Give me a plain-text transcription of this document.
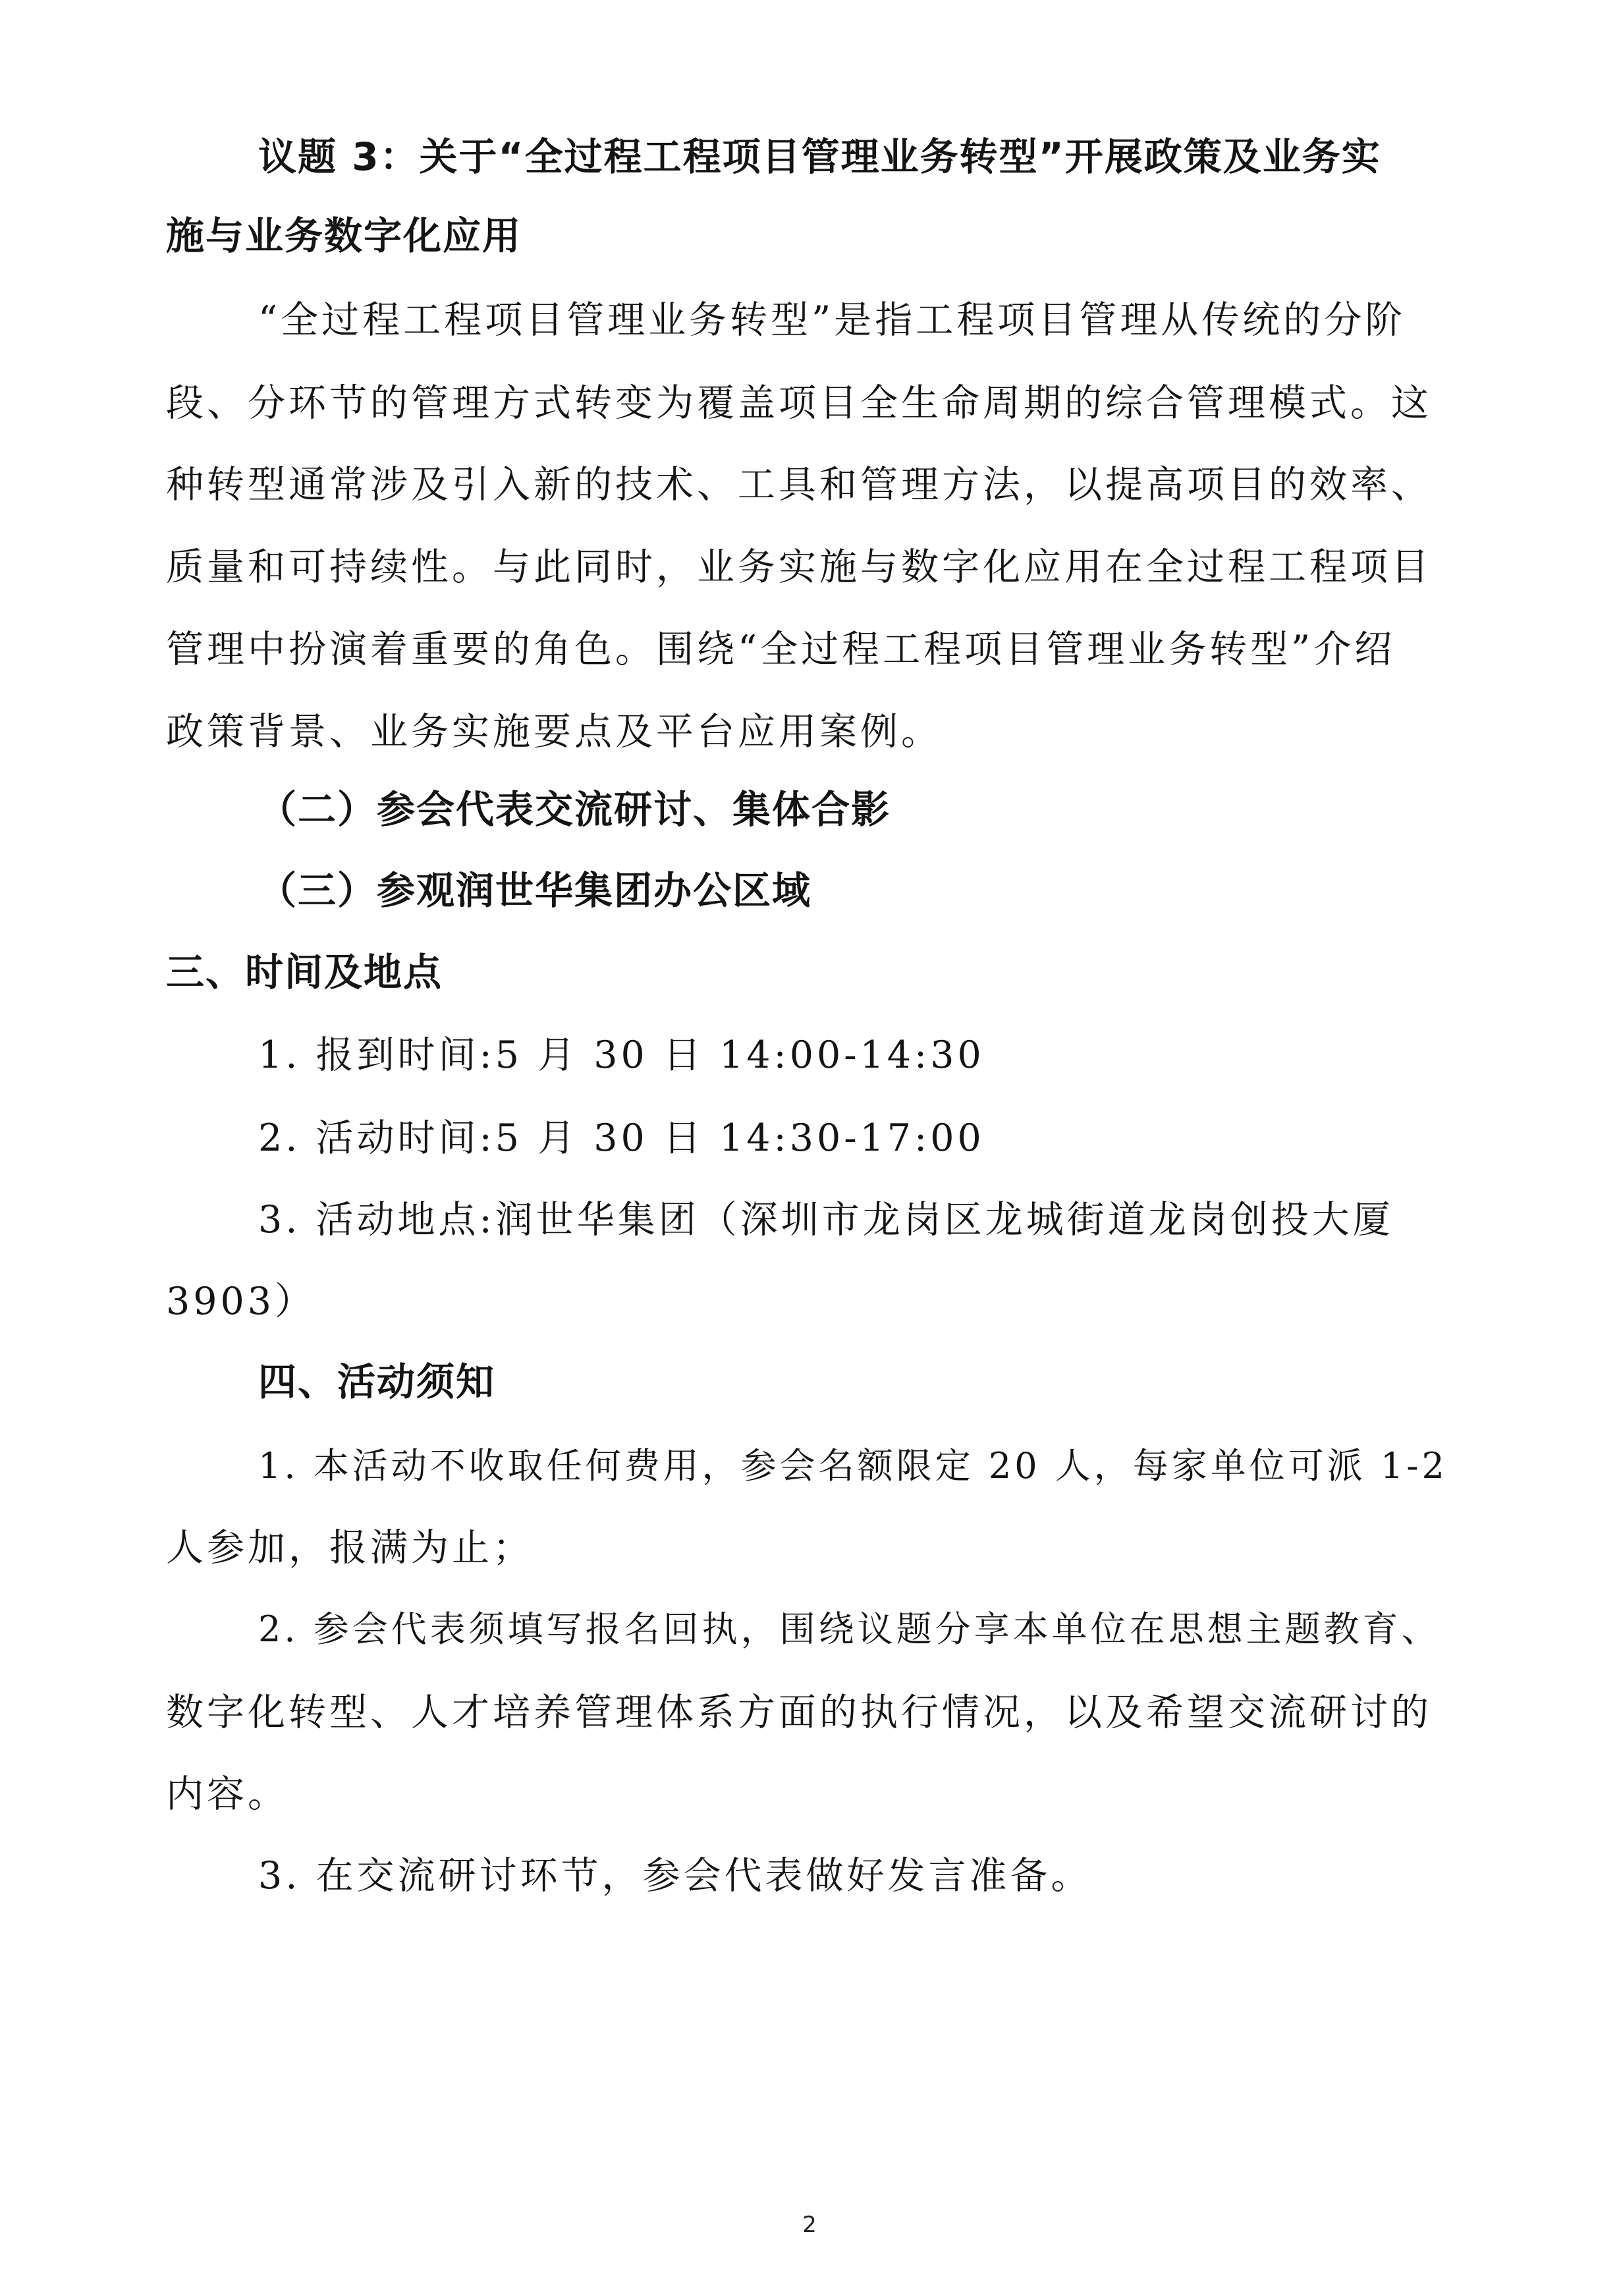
议题 3：关于“全过程工程项目管理业务转型”开展政策及业务实
施与业务数字化应用
“全过程工程项目管理业务转型”是指工程项目管理从传统的分阶
段、分环节的管理方式转变为覆盖项目全生命周期的综合管理模式。这
种转型通常涉及引入新的技术、工具和管理方法，以提高项目的效率、
质量和可持续性。与此同时，业务实施与数字化应用在全过程工程项目
管理中扮演着重要的角色。围绕“全过程工程项目管理业务转型”介绍
政策背景、业务实施要点及平台应用案例。
（二）参会代表交流研讨、集体合影
（三）参观润世华集团办公区域
三、时间及地点
1. 报到时间:5 月 30 日 14:00-14:30
2. 活动时间:5 月 30 日 14:30-17:00
3. 活动地点:润世华集团（深圳市龙岗区龙城街道龙岗创投大厦
3903）
四、活动须知
1. 本活动不收取任何费用，参会名额限定 20 人，每家单位可派 1-2
人参加，报满为止；
2. 参会代表须填写报名回执，围绕议题分享本单位在思想主题教育、
数字化转型、人才培养管理体系方面的执行情况，以及希望交流研讨的
内容。
3. 在交流研讨环节，参会代表做好发言准备。
2
